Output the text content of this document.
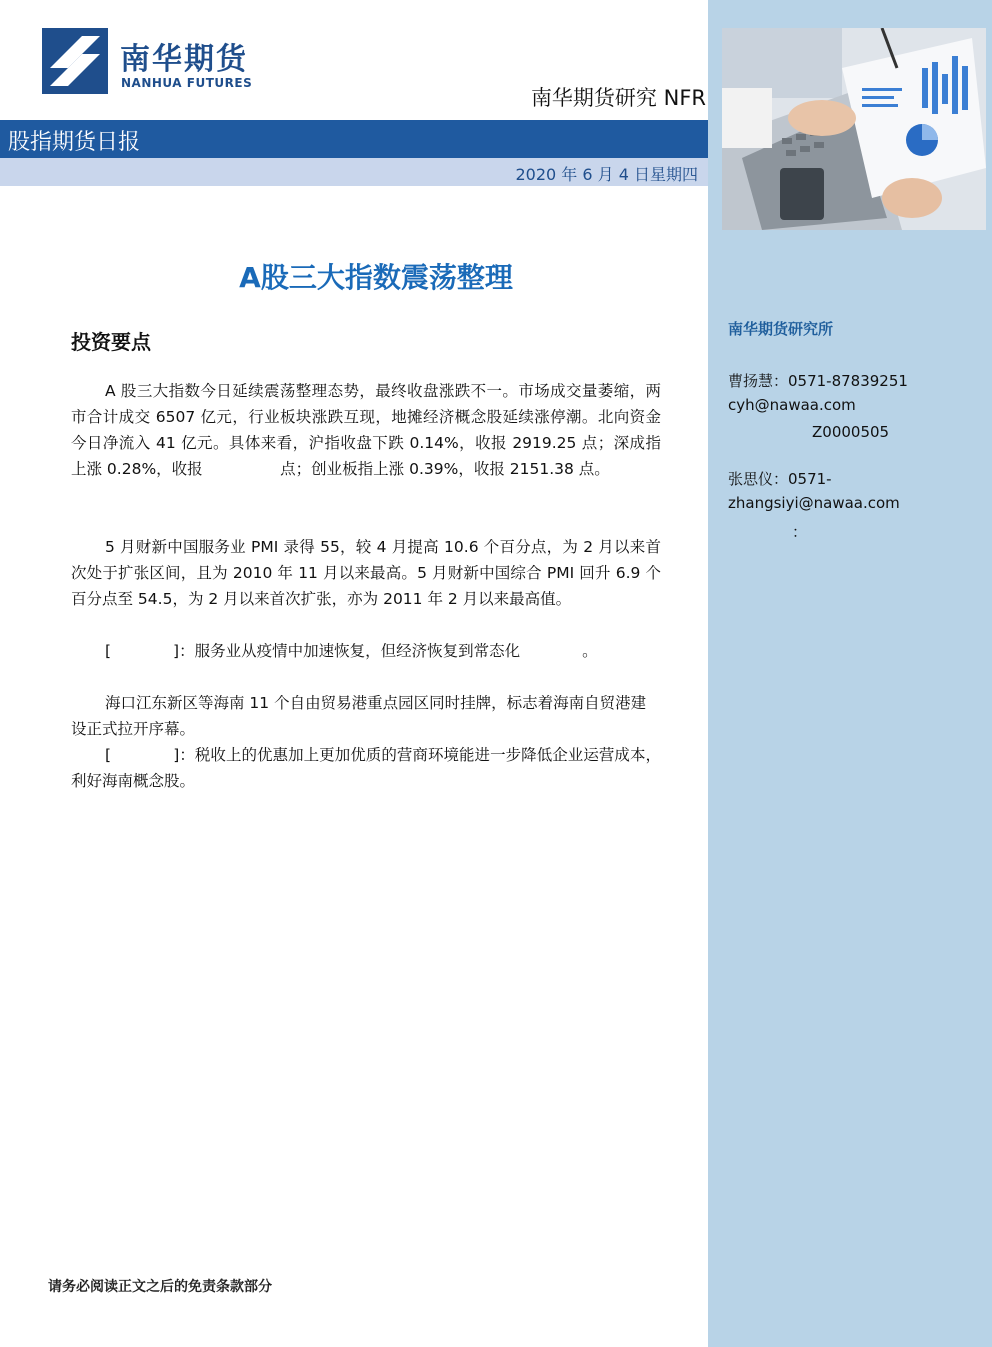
南华期货研究所
曹扬慧：0571-87839251
cyh@nawaa.com
Z0000505
张思仪：0571-
zhangsiyi@nawaa.com
：
南华期货
NANHUA FUTURES
南华期货研究 NFR
股指期货日报
2020 年 6 月 4 日星期四
A股三大指数震荡整理
投资要点
A 股三大指数今日延续震荡整理态势，最终收盘涨跌不一。市场成交量萎缩，两市合计成交 6507 亿元，行业板块涨跌互现，地摊经济概念股延续涨停潮。北向资金今日净流入 41 亿元。具体来看，沪指收盘下跌 0.14%，收报 2919.25 点；深成指上涨 0.28%，收报　　　　　点；创业板指上涨 0.39%，收报 2151.38 点。
5 月财新中国服务业 PMI 录得 55，较 4 月提高 10.6 个百分点，为 2 月以来首次处于扩张区间，且为 2010 年 11 月以来最高。5 月财新中国综合 PMI 回升 6.9 个百分点至 54.5，为 2 月以来首次扩张，亦为 2011 年 2 月以来最高值。
[　　　　]：服务业从疫情中加速恢复，但经济恢复到常态化　　　　。
海口江东新区等海南 11 个自由贸易港重点园区同时挂牌，标志着海南自贸港建设正式拉开序幕。
[　　　　]：税收上的优惠加上更加优质的营商环境能进一步降低企业运营成本，利好海南概念股。
请务必阅读正文之后的免责条款部分
